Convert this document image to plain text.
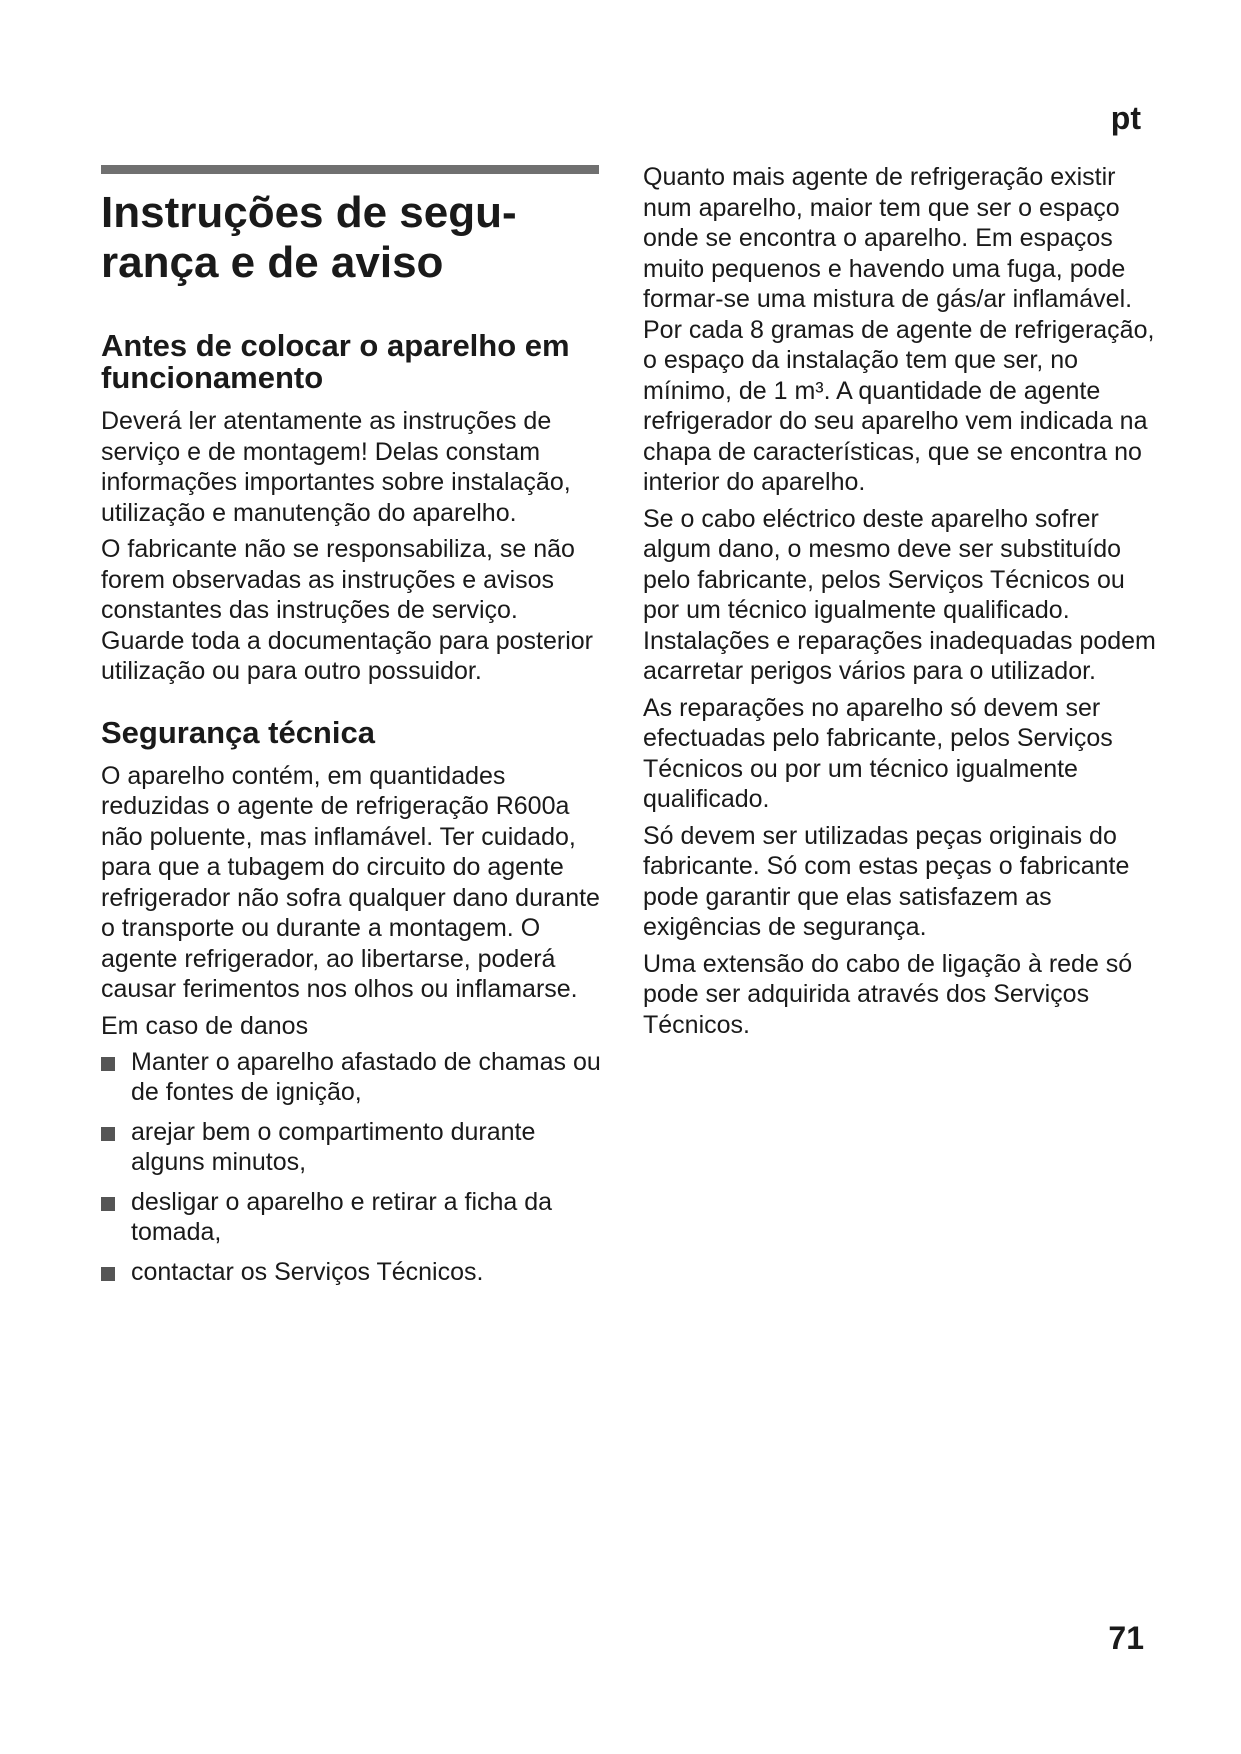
pt
Instruções de segu-rança e de aviso
Antes de colocar o aparelho em funcionamento

Deverá ler atentamente as instruções de serviço e de montagem! Delas constam informações importantes sobre instalação, utilização e manutenção do aparelho.

O fabricante não se responsabiliza, se não forem observadas as instruções e avisos constantes das instruções de serviço. Guarde toda a documentação para posterior utilização ou para outro possuidor.

Segurança técnica

O aparelho contém, em quantidades reduzidas o agente de refrigeração R600a não poluente, mas inflamável. Ter cuidado, para que a tubagem do circuito do agente refrigerador não sofra qualquer dano durante o transporte ou durante a montagem. O agente refrigerador, ao libertarse, poderá causar ferimentos nos olhos ou inflamarse.

Em caso de danos

Manter o aparelho afastado de chamas ou de fontes de ignição,
arejar bem o compartimento durante alguns minutos,
desligar o aparelho e retirar a ficha da tomada,
contactar os Serviços Técnicos.

Quanto mais agente de refrigeração existir num aparelho, maior tem que ser o espaço onde se encontra o aparelho. Em espaços muito pequenos e havendo uma fuga, pode formar-se uma mistura de gás/ar inflamável. Por cada 8 gramas de agente de refrigeração, o espaço da instalação tem que ser, no mínimo, de 1 m³. A quantidade de agente refrigerador do seu aparelho vem indicada na chapa de características, que se encontra no interior do aparelho.

Se o cabo eléctrico deste aparelho sofrer algum dano, o mesmo deve ser substituído pelo fabricante, pelos Serviços Técnicos ou por um técnico igualmente qualificado. Instalações e reparações inadequadas podem acarretar perigos vários para o utilizador.

As reparações no aparelho só devem ser efectuadas pelo fabricante, pelos Serviços Técnicos ou por um técnico igualmente qualificado.

Só devem ser utilizadas peças originais do fabricante. Só com estas peças o fabricante pode garantir que elas satisfazem as exigências de segurança.

Uma extensão do cabo de ligação à rede só pode ser adquirida através dos Serviços Técnicos.

71
